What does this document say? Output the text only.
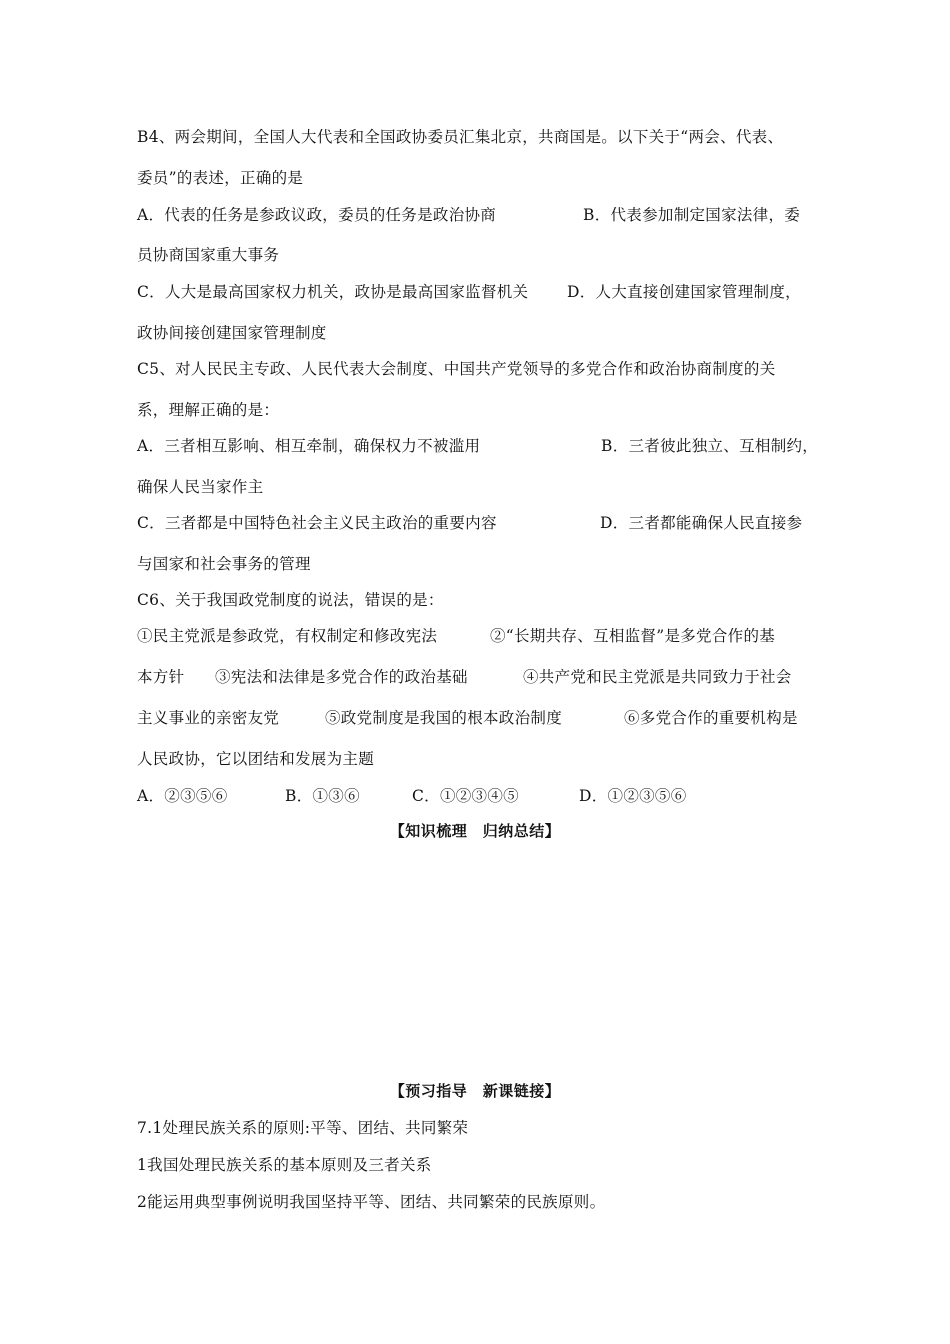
B4、两会期间，全国人大代表和全国政协委员汇集北京，共商国是。以下关于“两会、代表、
委员”的表述，正确的是
A．代表的任务是参政议政，委员的任务是政治协商	B．代表参加制定国家法律，委
员协商国家重大事务
C．人大是最高国家权力机关，政协是最高国家监督机关 D．人大直接创建国家管理制度，
政协间接创建国家管理制度
C5、对人民民主专政、人民代表大会制度、中国共产党领导的多党合作和政治协商制度的关
系，理解正确的是：
A．三者相互影响、相互牵制，确保权力不被滥用	B．三者彼此独立、互相制约，
确保人民当家作主
C．三者都是中国特色社会主义民主政治的重要内容	D．三者都能确保人民直接参
与国家和社会事务的管理
C6、关于我国政党制度的说法，错误的是：
①民主党派是参政党，有权制定和修改宪法	②“长期共存、互相监督”是多党合作的基
本方针 ③宪法和法律是多党合作的政治基础	④共产党和民主党派是共同致力于社会
主义事业的亲密友党	⑤政党制度是我国的根本政治制度	⑥多党合作的重要机构是
人民政协，它以团结和发展为主题
A．②③⑤⑥	B．①③⑥	C．①②③④⑤	D．①②③⑤⑥
【知识梳理　归纳总结】
【预习指导　新课链接】
7.1处理民族关系的原则:平等、团结、共同繁荣
1我国处理民族关系的基本原则及三者关系
2能运用典型事例说明我国坚持平等、团结、共同繁荣的民族原则。
